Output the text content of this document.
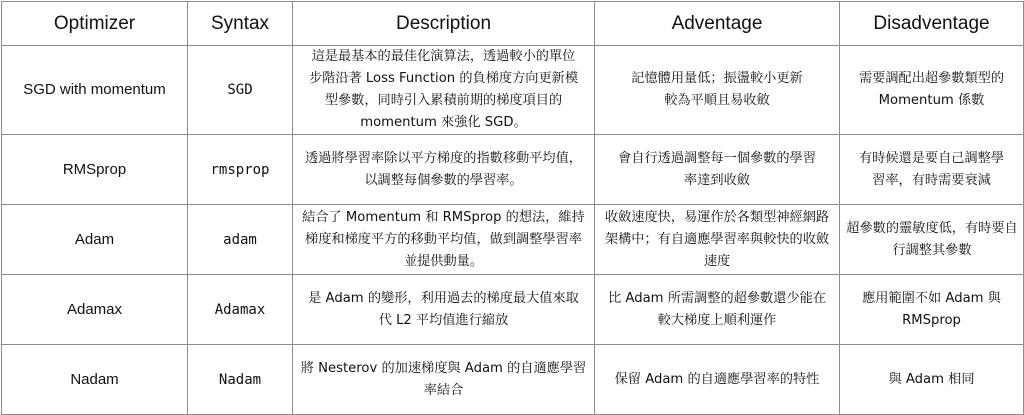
Optimizer	Syntax	Description	Adventage	Disadventage
SGD with momentum	SGD	這是最基本的最佳化演算法，透過較小的單位步階沿著 Loss Function 的負梯度方向更新模型參數，同時引入累積前期的梯度項目的 momentum 來強化 SGD。	記憶體用量低；振盪較小更新較為平順且易收斂	需要調配出超參數類型的 Momentum 係數
RMSprop	rmsprop	透過將學習率除以平方梯度的指數移動平均值，以調整每個參數的學習率。	會自行透過調整每一個參數的學習率達到收斂	有時候還是要自己調整學習率，有時需要衰減
Adam	adam	結合了 Momentum 和 RMSprop 的想法，維持梯度和梯度平方的移動平均值，做到調整學習率並提供動量。	收斂速度快，易運作於各類型神經網路架構中；有自適應學習率與較快的收斂速度	超參數的靈敏度低，有時要自行調整其參數
Adamax	Adamax	是 Adam 的變形，利用過去的梯度最大值來取代 L2 平均值進行縮放	比 Adam 所需調整的超參數還少能在較大梯度上順利運作	應用範圍不如 Adam 與 RMSprop
Nadam	Nadam	將 Nesterov 的加速梯度與 Adam 的自適應學習率結合	保留 Adam 的自適應學習率的特性	與 Adam 相同
